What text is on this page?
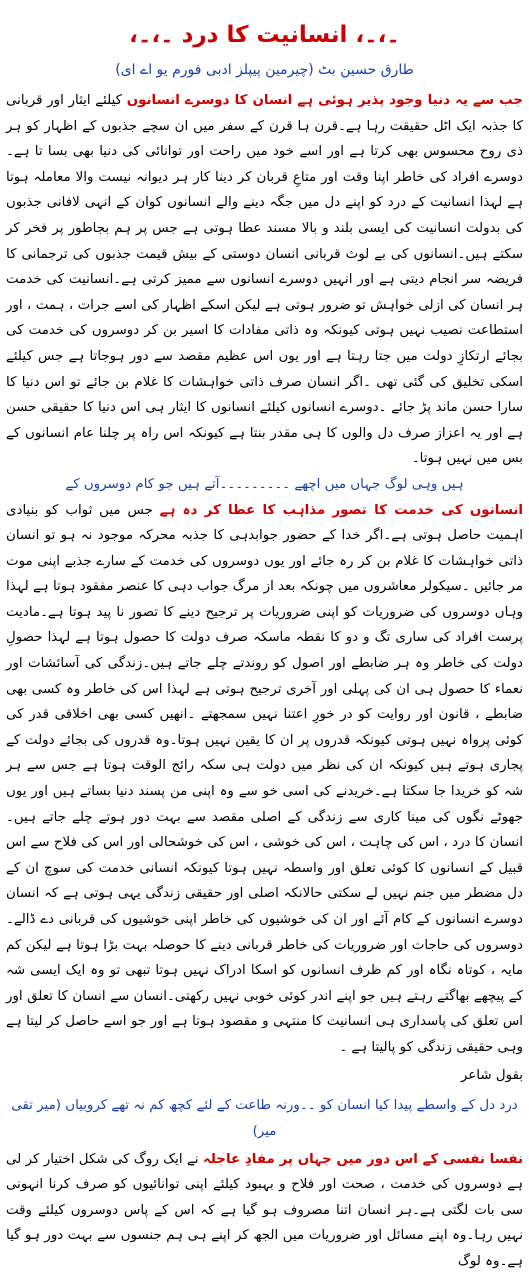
۔،۔، انسانیت کا درد ۔،۔،
طارق حسین بٹ (چیرمین پیپلز ادبی فورم یو اے ای)

جب سے یہ دنیا وجود پذیر ہوئی ہے انسان کا دوسرے انسانوں کیلئے ایثار اور قربانی کا جذبہ ایک اٹل حقیقت رہا ہے۔قرن ہا قرن کے سفر میں ان سچے جذبوں کے اظہار کو ہر ذی روح محسوس بھی کرتا ہے اور اسے خود میں راحت اور توانائی کی دنیا بھی بسا تا ہے۔دوسرے افراد کی خاطر اپنا وقت اور متاعِ قربان کر دینا کار ہر دیوانہ نیست والا معاملہ ہوتا ہے لہذا انسانیت کے درد کو اپنے دل میں جگہ دینے والے انسانوں کوان کے انہی لافانی جذبوں کی بدولت انسانیت کی ایسی بلند و بالا مسند عطا ہوتی ہے جس پر ہم بجاطور پر فخر کر سکتے ہیں۔انسانوں کی بے لوث قربانی انسان دوستی کے بیش قیمت جذبوں کی ترجمانی کا فریضہ سر انجام دیتی ہے اور انہیں دوسرے انسانوں سے ممیز کرتی ہے۔انسانیت کی خدمت ہر انسان کی ازلی خواہش تو ضرور ہوتی ہے لیکن اسکے اظہار کی اسے جرات ، ہمت ، اور استطاعت نصیب نہیں ہوتی کیونکہ وہ ذاتی مفادات کا اسیر بن کر دوسروں کی خدمت کی بجائے ارتکازِ دولت میں جتا رہتا ہے اور یوں اس عظیم مقصد سے دور ہوجاتا ہے جس کیلئے اسکی تخلیق کی گئی تھی ۔اگر انسان صرف ذاتی خواہشات کا غلام بن جائے تو اس دنیا کا سارا حسن ماند پڑ جائے ۔دوسرے انسانوں کیلئے انسانوں کا ایثار ہی اس دنیا کا حقیقی حسن ہے اور یہ اعزاز صرف دل والوں کا ہی مقدر بنتا ہے کیونکہ اس راہ پر چلنا عام انسانوں کے بس میں نہیں ہوتا۔

ہیں وہی لوگ جہاں میں اچھے ۔۔۔۔۔۔۔۔۔آتے ہیں جو کام دوسروں کے

انسانوں کی خدمت کا تصور مذاہب کا عطا کر دہ ہے جس میں ثواب کو بنیادی اہمیت حاصل ہوتی ہے۔اگر خدا کے حضور جوابدہی کا جذبہ محرکہ موجود نہ ہو تو انسان ذاتی خواہشات کا غلام بن کر رہ جائے اور یوں دوسروں کی خدمت کے سارے جذبے اپنی موت مر جائیں ۔سیکولر معاشروں میں چونکہ بعد از مرگ جواب دہی کا عنصر مفقود ہوتا ہے لہذا وہاں دوسروں کی ضروریات کو اپنی ضروریات پر ترجیح دینے کا تصور نا پید ہوتا ہے۔مادیت پرست افراد کی ساری تگ و دو کا نقطہ ماسکہ صرف دولت کا حصول ہوتا ہے لہذا حصولِ دولت کی خاطر وہ ہر ضابطے اور اصول کو روندتے چلے جاتے ہیں۔زندگی کی آسائشات اور نعماء کا حصول ہی ان کی پہلی اور آخری ترجیح ہوتی ہے لہذا اس کی خاطر وہ کسی بھی ضابطے ، قانون اور روایت کو در خورِ اعتنا نہیں سمجھتے ۔انھیں کسی بھی اخلاقی قدر کی کوئی پرواہ نہیں ہوتی کیونکہ قدروں پر ان کا یقین نہیں ہوتا۔وہ قدروں کی بجائے دولت کے پجاری ہوتے ہیں کیونکہ ان کی نظر میں دولت ہی سکہ رائج الوقت ہوتا ہے جس سے ہر شہ کو خریدا جا سکتا ہے۔خریدنے کی اسی خو سے وہ اپنی من پسند دنیا بساتے ہیں اور یوں جھوٹے نگوں کی مینا کاری سے زندگی کے اصلی مقصد سے بہت دور ہوتے چلے جاتے ہیں۔انسان کا درد ، اس کی چاہت ، اس کی خوشی ، اس کی خوشحالی اور اس کی فلاح سے اس قبیل کے انسانوں کا کوئی تعلق اور واسطہ نہیں ہوتا کیونکہ انسانی خدمت کی سوچ ان کے دل مضطر میں جنم نہیں لے سکتی حالانکہ اصلی اور حقیقی زندگی یہی ہوتی ہے کہ انسان دوسرے انسانوں کے کام آئے اور ان کی خوشیوں کی خاطر اپنی خوشیوں کی قربانی دے ڈالے۔دوسروں کی حاجات اور ضروریات کی خاطر قربانی دینے کا حوصلہ بہت بڑا ہوتا ہے لیکن کم مایہ ، کوتاہ نگاہ اور کم ظرف انسانوں کو اسکا ادراک نہیں ہوتا تبھی تو وہ ایک ایسی شہ کے پیچھے بھاگتے رہتے ہیں جو اپنے اندر کوئی خوبی نہیں رکھتی۔انسان سے انسان کا تعلق اور اس تعلق کی پاسداری ہی انسانیت کا منتہی و مقصود ہوتا ہے اور جو اسے حاصل کر لیتا ہے وہی حقیقی زندگی کو پالیتا ہے ۔

بقول شاعر

درد دل کے واسطے پیدا کیا انسان کو ۔۔ورنہ طاعت کے لئے کچھ کم نہ تھے کروبیاں (میر تقی میر)

نفسا نفسی کے اس دور میں جہاں پر مفادِ عاجلہ نے ایک روگ کی شکل اختیار کر لی ہے دوسروں کی خدمت ، صحت اور فلاح و بہبود کیلئے اپنی توانائیوں کو صرف کرنا انہونی سی بات لگتی ہے۔ہر انسان اتنا مصروف ہو گیا ہے کہ اس کے پاس دوسروں کیلئے وقت نہیں رہا۔وہ اپنے مسائل اور ضروریات میں الجھ کر اپنے ہی ہم جنسوں سے بہت دور ہو گیا ہے۔وہ لوگ
